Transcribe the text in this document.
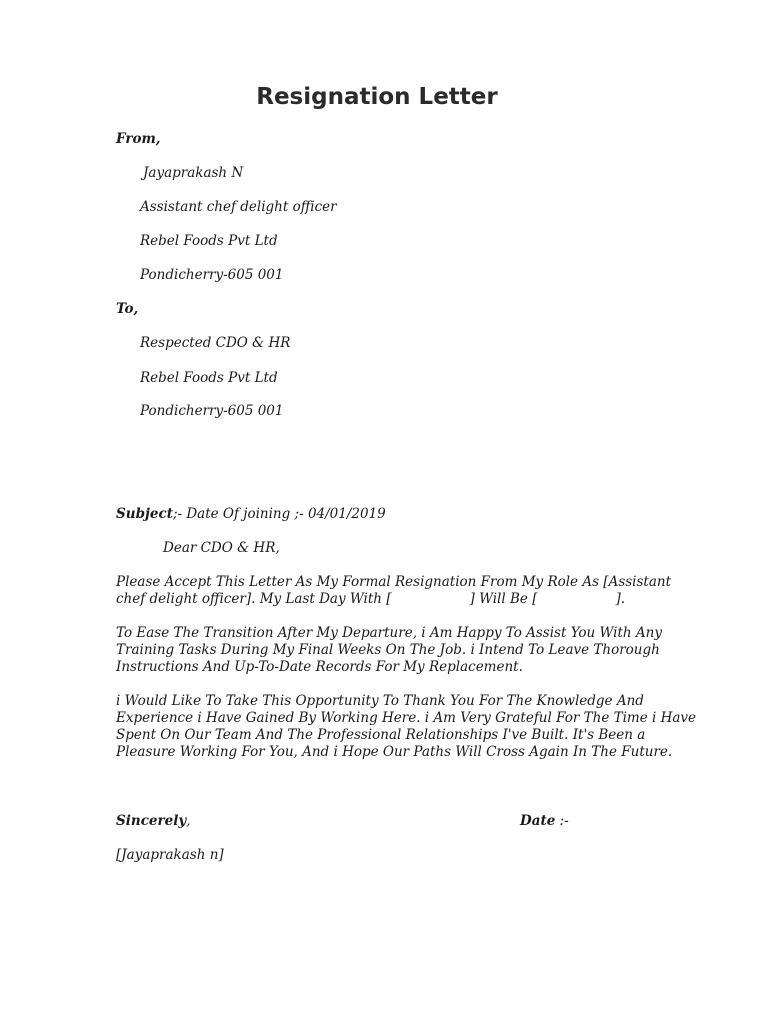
Resignation Letter
From,
Jayaprakash N
Assistant chef delight officer
Rebel Foods Pvt Ltd
Pondicherry-605 001
To,
Respected CDO & HR
Rebel Foods Pvt Ltd
Pondicherry-605 001
Subject;- Date Of joining ;- 04/01/2019
Dear CDO & HR,
Please Accept This Letter As My Formal Resignation From My Role As [Assistant
chef delight officer]. My Last Day With [	] Will Be [	].
To Ease The Transition After My Departure, i Am Happy To Assist You With Any
Training Tasks During My Final Weeks On The Job. i Intend To Leave Thorough
Instructions And Up-To-Date Records For My Replacement.
i Would Like To Take This Opportunity To Thank You For The Knowledge And
Experience i Have Gained By Working Here. i Am Very Grateful For The Time i Have
Spent On Our Team And The Professional Relationships I've Built. It's Been a
Pleasure Working For You, And i Hope Our Paths Will Cross Again In The Future.
Sincerely,	Date :-
[Jayaprakash n]
